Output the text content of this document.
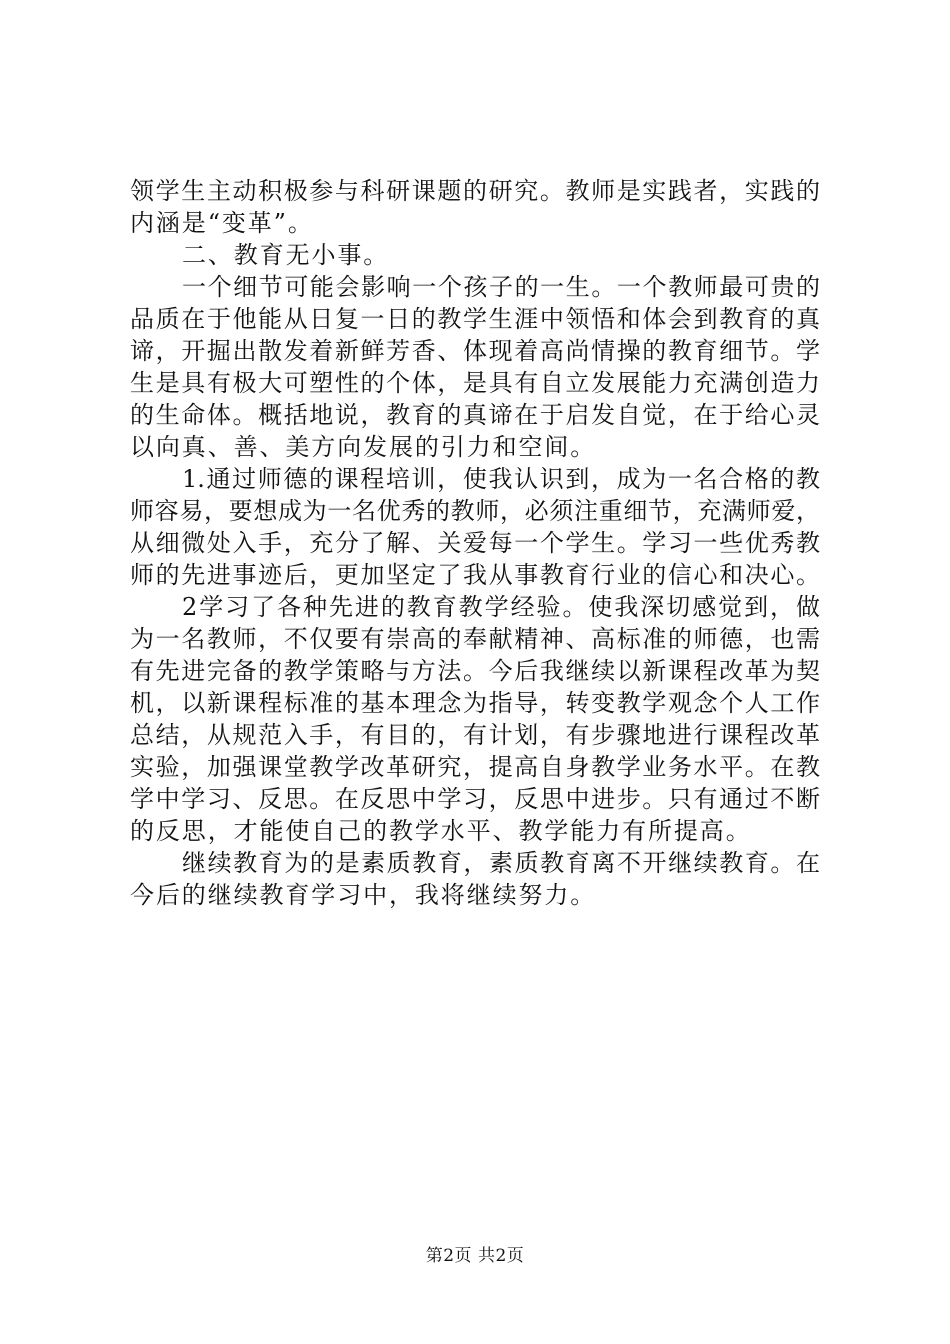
领学生主动积极参与科研课题的研究。教师是实践者，实践的
内涵是“变革”。
二、教育无小事。
一个细节可能会影响一个孩子的一生。一个教师最可贵的
品质在于他能从日复一日的教学生涯中领悟和体会到教育的真
谛，开掘出散发着新鲜芳香、体现着高尚情操的教育细节。学
生是具有极大可塑性的个体，是具有自立发展能力充满创造力
的生命体。概括地说，教育的真谛在于启发自觉，在于给心灵
以向真、善、美方向发展的引力和空间。
1.通过师德的课程培训，使我认识到，成为一名合格的教
师容易，要想成为一名优秀的教师，必须注重细节，充满师爱，
从细微处入手，充分了解、关爱每一个学生。学习一些优秀教
师的先进事迹后，更加坚定了我从事教育行业的信心和决心。
2学习了各种先进的教育教学经验。使我深切感觉到，做
为一名教师，不仅要有崇高的奉献精神、高标准的师德，也需
有先进完备的教学策略与方法。今后我继续以新课程改革为契
机，以新课程标准的基本理念为指导，转变教学观念个人工作
总结，从规范入手，有目的，有计划，有步骤地进行课程改革
实验，加强课堂教学改革研究，提高自身教学业务水平。在教
学中学习、反思。在反思中学习，反思中进步。只有通过不断
的反思，才能使自己的教学水平、教学能力有所提高。
继续教育为的是素质教育，素质教育离不开继续教育。在
今后的继续教育学习中，我将继续努力。
第2页 共2页
